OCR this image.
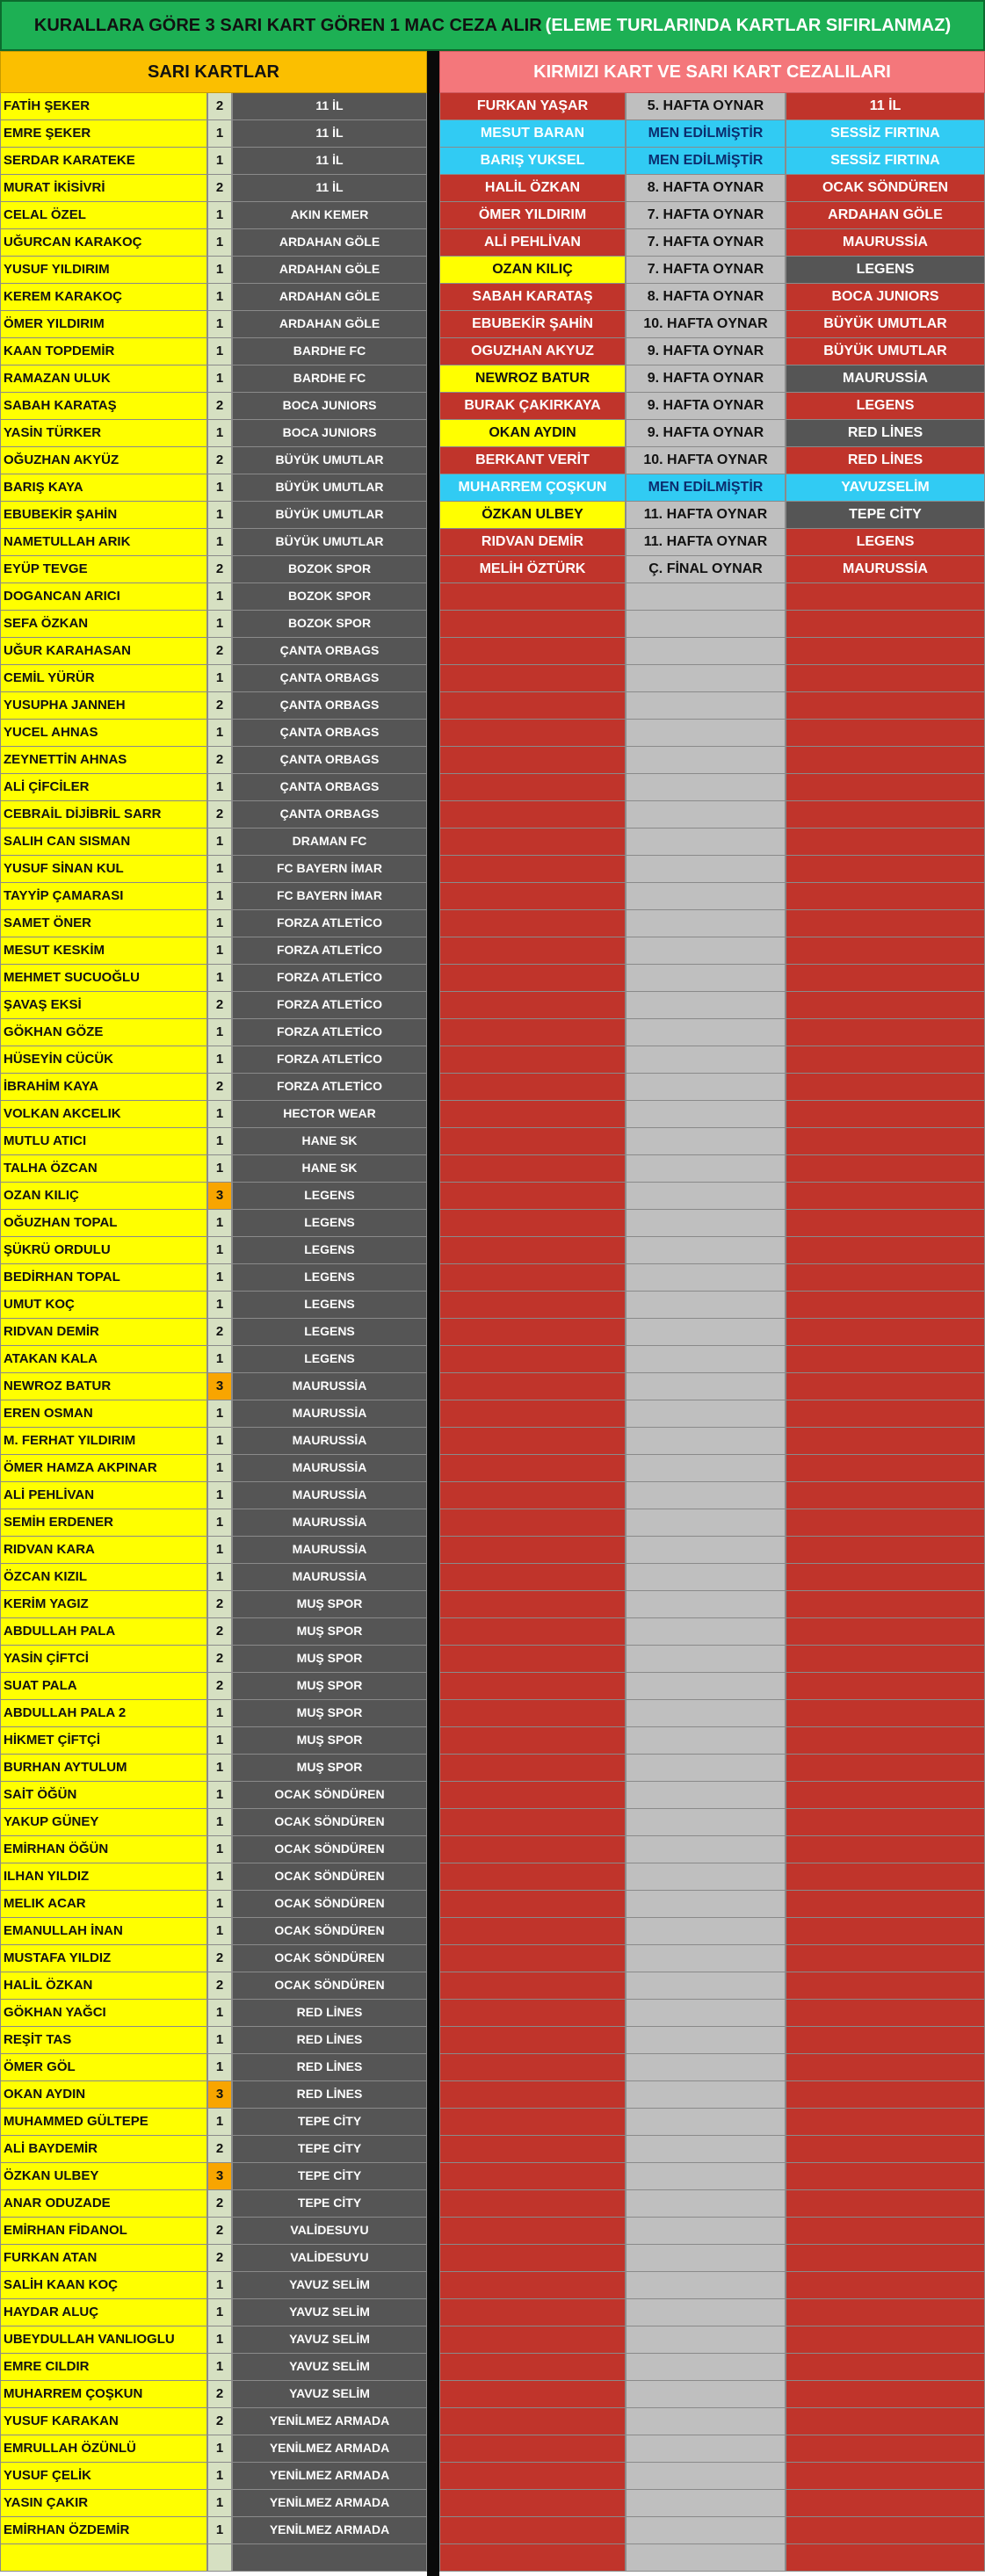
KURALLARA GÖRE 3 SARI KART GÖREN 1 MAC CEZA ALIR (ELEME TURLARINDA KARTLAR SIFIRLANMAZ)
SARI KARTLAR	KIRMIZI KART VE SARI KART CEZALILARI
FATİH ŞEKER	2	11 İL
EMRE ŞEKER	1	11 İL
SERDAR KARATEKE	1	11 İL
MURAT İKİSİVRİ	2	11 İL
CELAL ÖZEL	1	AKIN KEMER
UĞURCAN KARAKOÇ	1	ARDAHAN GÖLE
YUSUF YILDIRIM	1	ARDAHAN GÖLE
KEREM KARAKOÇ	1	ARDAHAN GÖLE
ÖMER YILDIRIM	1	ARDAHAN GÖLE
KAAN TOPDEMİR	1	BARDHE FC
RAMAZAN ULUK	1	BARDHE FC
SABAH KARATAŞ	2	BOCA JUNIORS
YASİN TÜRKER	1	BOCA JUNIORS
OĞUZHAN AKYÜZ	2	BÜYÜK UMUTLAR
BARIŞ KAYA	1	BÜYÜK UMUTLAR
EBUBEKİR ŞAHİN	1	BÜYÜK UMUTLAR
NAMETULLAH ARIK	1	BÜYÜK UMUTLAR
EYÜP TEVGE	2	BOZOK SPOR
DOGANCAN ARICI	1	BOZOK SPOR
SEFA ÖZKAN	1	BOZOK SPOR
UĞUR KARAHASAN	2	ÇANTA ORBAGS
CEMİL YÜRÜR	1	ÇANTA ORBAGS
YUSUPHA JANNEH	2	ÇANTA ORBAGS
YUCEL AHNAS	1	ÇANTA ORBAGS
ZEYNETTİN AHNAS	2	ÇANTA ORBAGS
ALİ ÇİFCİLER	1	ÇANTA ORBAGS
CEBRAİL DİJİBRİL SARR	2	ÇANTA ORBAGS
SALIH CAN SISMAN	1	DRAMAN FC
YUSUF SİNAN KUL	1	FC BAYERN İMAR
TAYYİP ÇAMARASI	1	FC BAYERN İMAR
SAMET ÖNER	1	FORZA ATLETİCO
MESUT KESKİM	1	FORZA ATLETİCO
MEHMET SUCUOĞLU	1	FORZA ATLETİCO
ŞAVAŞ EKSİ	2	FORZA ATLETİCO
GÖKHAN GÖZE	1	FORZA ATLETİCO
HÜSEYİN CÜCÜK	1	FORZA ATLETİCO
İBRAHİM KAYA	2	FORZA ATLETİCO
VOLKAN AKCELIK	1	HECTOR WEAR
MUTLU ATICI	1	HANE SK
TALHA ÖZCAN	1	HANE SK
OZAN KILIÇ	3	LEGENS
OĞUZHAN TOPAL	1	LEGENS
ŞÜKRÜ ORDULU	1	LEGENS
BEDİRHAN TOPAL	1	LEGENS
UMUT KOÇ	1	LEGENS
RIDVAN DEMİR	2	LEGENS
ATAKAN KALA	1	LEGENS
NEWROZ BATUR	3	MAURUSSİA
EREN OSMAN	1	MAURUSSİA
M. FERHAT YILDIRIM	1	MAURUSSİA
ÖMER HAMZA AKPINAR	1	MAURUSSİA
ALİ PEHLİVAN	1	MAURUSSİA
SEMİH ERDENER	1	MAURUSSİA
RIDVAN KARA	1	MAURUSSİA
ÖZCAN KIZIL	1	MAURUSSİA
KERİM YAGIZ	2	MUŞ SPOR
ABDULLAH PALA	2	MUŞ SPOR
YASİN ÇİFTCİ	2	MUŞ SPOR
SUAT PALA	2	MUŞ SPOR
ABDULLAH PALA 2	1	MUŞ SPOR
HİKMET ÇİFTÇİ	1	MUŞ SPOR
BURHAN AYTULUM	1	MUŞ SPOR
SAİT ÖĞÜN	1	OCAK SÖNDÜREN
YAKUP GÜNEY	1	OCAK SÖNDÜREN
EMİRHAN ÖĞÜN	1	OCAK SÖNDÜREN
ILHAN YILDIZ	1	OCAK SÖNDÜREN
MELIK ACAR	1	OCAK SÖNDÜREN
EMANULLAH İNAN	1	OCAK SÖNDÜREN
MUSTAFA YILDIZ	2	OCAK SÖNDÜREN
HALİL ÖZKAN	2	OCAK SÖNDÜREN
GÖKHAN YAĞCI	1	RED LİNES
REŞİT TAS	1	RED LİNES
ÖMER GÖL	1	RED LİNES
OKAN AYDIN	3	RED LİNES
MUHAMMED GÜLTEPE	1	TEPE CİTY
ALİ BAYDEMİR	2	TEPE CİTY
ÖZKAN ULBEY	3	TEPE CİTY
ANAR ODUZADE	2	TEPE CİTY
EMİRHAN FİDANOL	2	VALİDESUYU
FURKAN ATAN	2	VALİDESUYU
SALİH KAAN KOÇ	1	YAVUZ SELİM
HAYDAR ALUÇ	1	YAVUZ SELİM
UBEYDULLAH VANLIOGLU	1	YAVUZ SELİM
EMRE CILDIR	1	YAVUZ SELİM
MUHARREM ÇOŞKUN	2	YAVUZ SELİM
YUSUF KARAKAN	2	YENİLMEZ ARMADA
EMRULLAH ÖZÜNLÜ	1	YENİLMEZ ARMADA
YUSUF ÇELİK	1	YENİLMEZ ARMADA
YASIN ÇAKIR	1	YENİLMEZ ARMADA
EMİRHAN ÖZDEMİR	1	YENİLMEZ ARMADA
FURKAN YAŞAR	5. HAFTA OYNAR	11 İL
MESUT BARAN	MEN EDİLMİŞTİR	SESSİZ FIRTINA
BARIŞ YUKSEL	MEN EDİLMİŞTİR	SESSİZ FIRTINA
HALİL ÖZKAN	8. HAFTA OYNAR	OCAK SÖNDÜREN
ÖMER YILDIRIM	7. HAFTA OYNAR	ARDAHAN GÖLE
ALİ PEHLİVAN	7. HAFTA OYNAR	MAURUSSİA
OZAN KILIÇ	7. HAFTA OYNAR	LEGENS
SABAH KARATAŞ	8. HAFTA OYNAR	BOCA JUNIORS
EBUBEKİR ŞAHİN	10. HAFTA OYNAR	BÜYÜK UMUTLAR
OGUZHAN AKYUZ	9. HAFTA OYNAR	BÜYÜK UMUTLAR
NEWROZ BATUR	9. HAFTA OYNAR	MAURUSSİA
BURAK ÇAKIRKAYA	9. HAFTA OYNAR	LEGENS
OKAN AYDIN	9. HAFTA OYNAR	RED LİNES
BERKANT VERİT	10. HAFTA OYNAR	RED LİNES
MUHARREM ÇOŞKUN	MEN EDİLMİŞTİR	YAVUZSELİM
ÖZKAN ULBEY	11. HAFTA OYNAR	TEPE CİTY
RIDVAN DEMİR	11. HAFTA OYNAR	LEGENS
MELİH ÖZTÜRK	Ç. FİNAL OYNAR	MAURUSSİA
